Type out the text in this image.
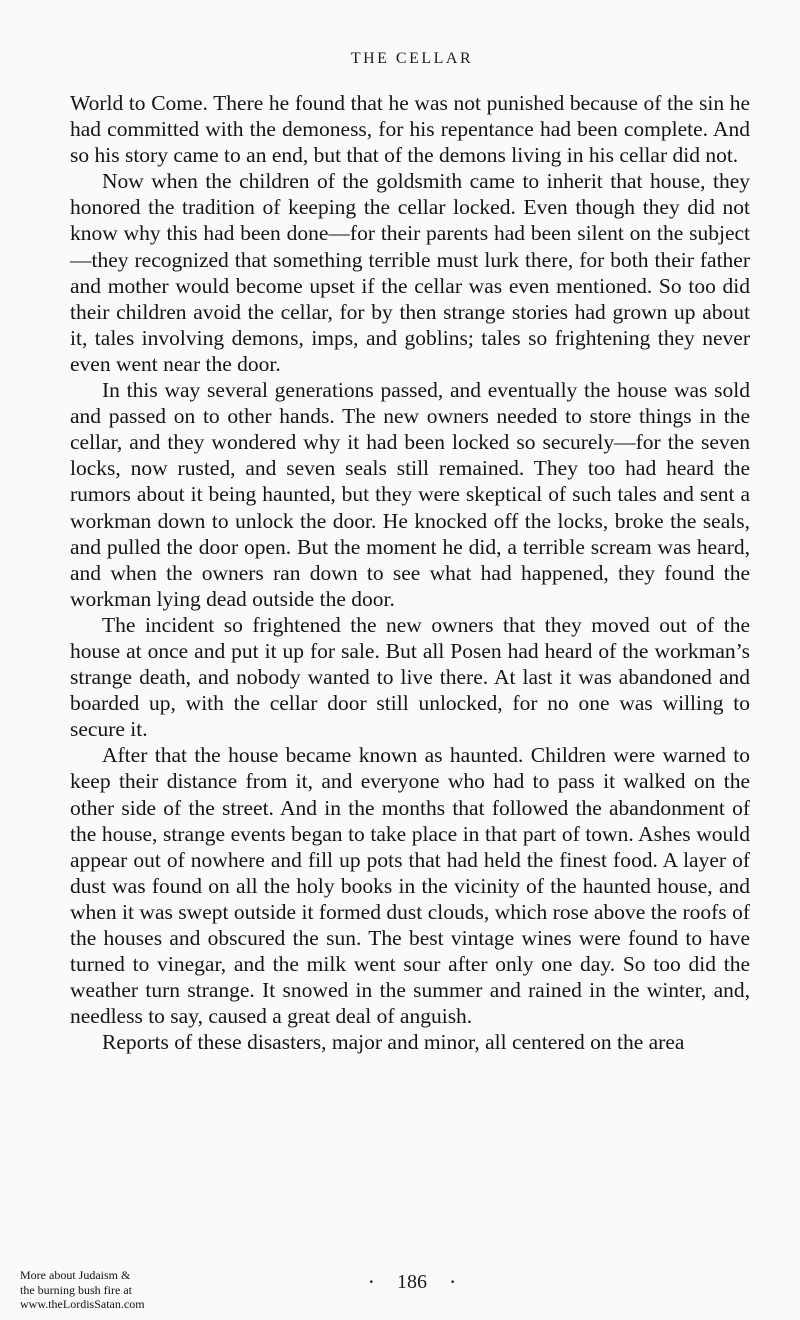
THE CELLAR

World to Come. There he found that he was not punished because of the sin he had committed with the demoness, for his repentance had been complete. And so his story came to an end, but that of the demons living in his cellar did not.

Now when the children of the goldsmith came to inherit that house, they honored the tradition of keeping the cellar locked. Even though they did not know why this had been done—for their parents had been silent on the subject—they recognized that something terrible must lurk there, for both their father and mother would become upset if the cellar was even mentioned. So too did their children avoid the cellar, for by then strange stories had grown up about it, tales involving demons, imps, and goblins; tales so frightening they never even went near the door.

In this way several generations passed, and eventually the house was sold and passed on to other hands. The new owners needed to store things in the cellar, and they wondered why it had been locked so securely—for the seven locks, now rusted, and seven seals still remained. They too had heard the rumors about it being haunted, but they were skeptical of such tales and sent a workman down to unlock the door. He knocked off the locks, broke the seals, and pulled the door open. But the moment he did, a terrible scream was heard, and when the owners ran down to see what had happened, they found the workman lying dead outside the door.

The incident so frightened the new owners that they moved out of the house at once and put it up for sale. But all Posen had heard of the workman’s strange death, and nobody wanted to live there. At last it was abandoned and boarded up, with the cellar door still unlocked, for no one was willing to secure it.

After that the house became known as haunted. Children were warned to keep their distance from it, and everyone who had to pass it walked on the other side of the street. And in the months that followed the abandonment of the house, strange events began to take place in that part of town. Ashes would appear out of nowhere and fill up pots that had held the finest food. A layer of dust was found on all the holy books in the vicinity of the haunted house, and when it was swept outside it formed dust clouds, which rose above the roofs of the houses and obscured the sun. The best vintage wines were found to have turned to vinegar, and the milk went sour after only one day. So too did the weather turn strange. It snowed in the summer and rained in the winter, and, needless to say, caused a great deal of anguish.

Reports of these disasters, major and minor, all centered on the area

· 186 ·
More about Judaism &
the burning bush fire at
www.theLordisSatan.com
